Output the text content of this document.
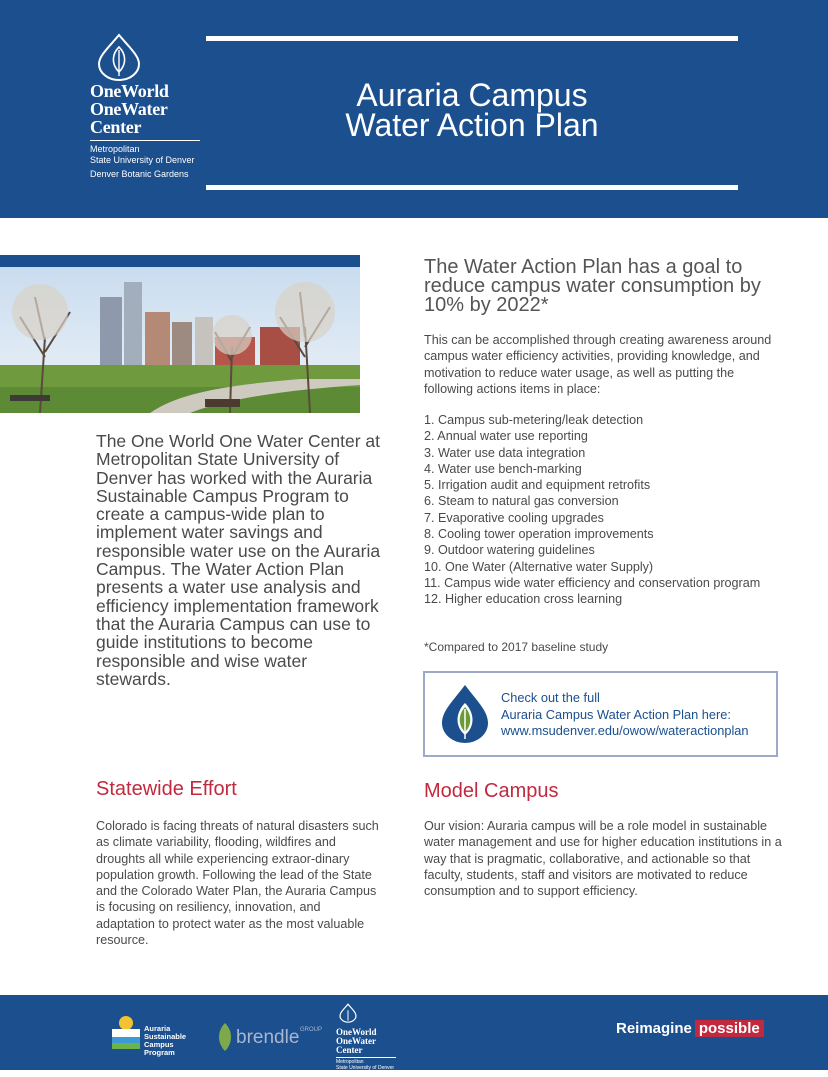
OneWorld
OneWater
Center
Metropolitan
State University of Denver
Denver Botanic Gardens
Auraria Campus
Water Action Plan
The One World One Water Center at Metropolitan State University of Denver has worked with the Auraria Sustainable Campus Program to create a campus-wide plan to implement water savings and responsible water use on the Auraria Campus. The Water Action Plan presents a water use analysis and efficiency implementation framework that the Auraria Campus can use to guide institutions to become responsible and wise water stewards.
The Water Action Plan has a goal to reduce campus water consumption by 10% by 2022*
This can be accomplished through creating awareness around campus water efficiency activities, providing knowledge, and motivation to reduce water usage, as well as putting the following actions items in place:
1. Campus sub-metering/leak detection
2. Annual water use reporting
3. Water use data integration
4. Water use bench-marking
5. Irrigation audit and equipment retrofits
6. Steam to natural gas conversion
7. Evaporative cooling upgrades
8. Cooling tower operation improvements
9. Outdoor watering guidelines
10. One Water (Alternative water Supply)
11. Campus wide water efficiency and conservation program
12. Higher education cross learning
*Compared to 2017 baseline study
Check out the full
Auraria Campus Water Action Plan here:
www.msudenver.edu/owow/wateractionplan
Statewide Effort
Colorado is facing threats of natural disasters such as climate variability, flooding, wildfires and droughts all while experiencing extraor-dinary population growth. Following the lead of the State and the Colorado Water Plan, the Auraria Campus is focusing on resiliency, innovation, and adaptation to protect water as the most valuable resource.
Model Campus
Our vision: Auraria campus will be a role model in sustainable water management and use for higher education institutions in a way that is pragmatic, collaborative, and actionable so that faculty, students, staff and visitors are motivated to reduce consumption and to support efficiency.
Auraria Sustainable Campus Program
brendle GROUP OneWorld
OneWater
Center
Metropolitan
State University of Denver
Denver Botanic Gardens
Reimagine possible
